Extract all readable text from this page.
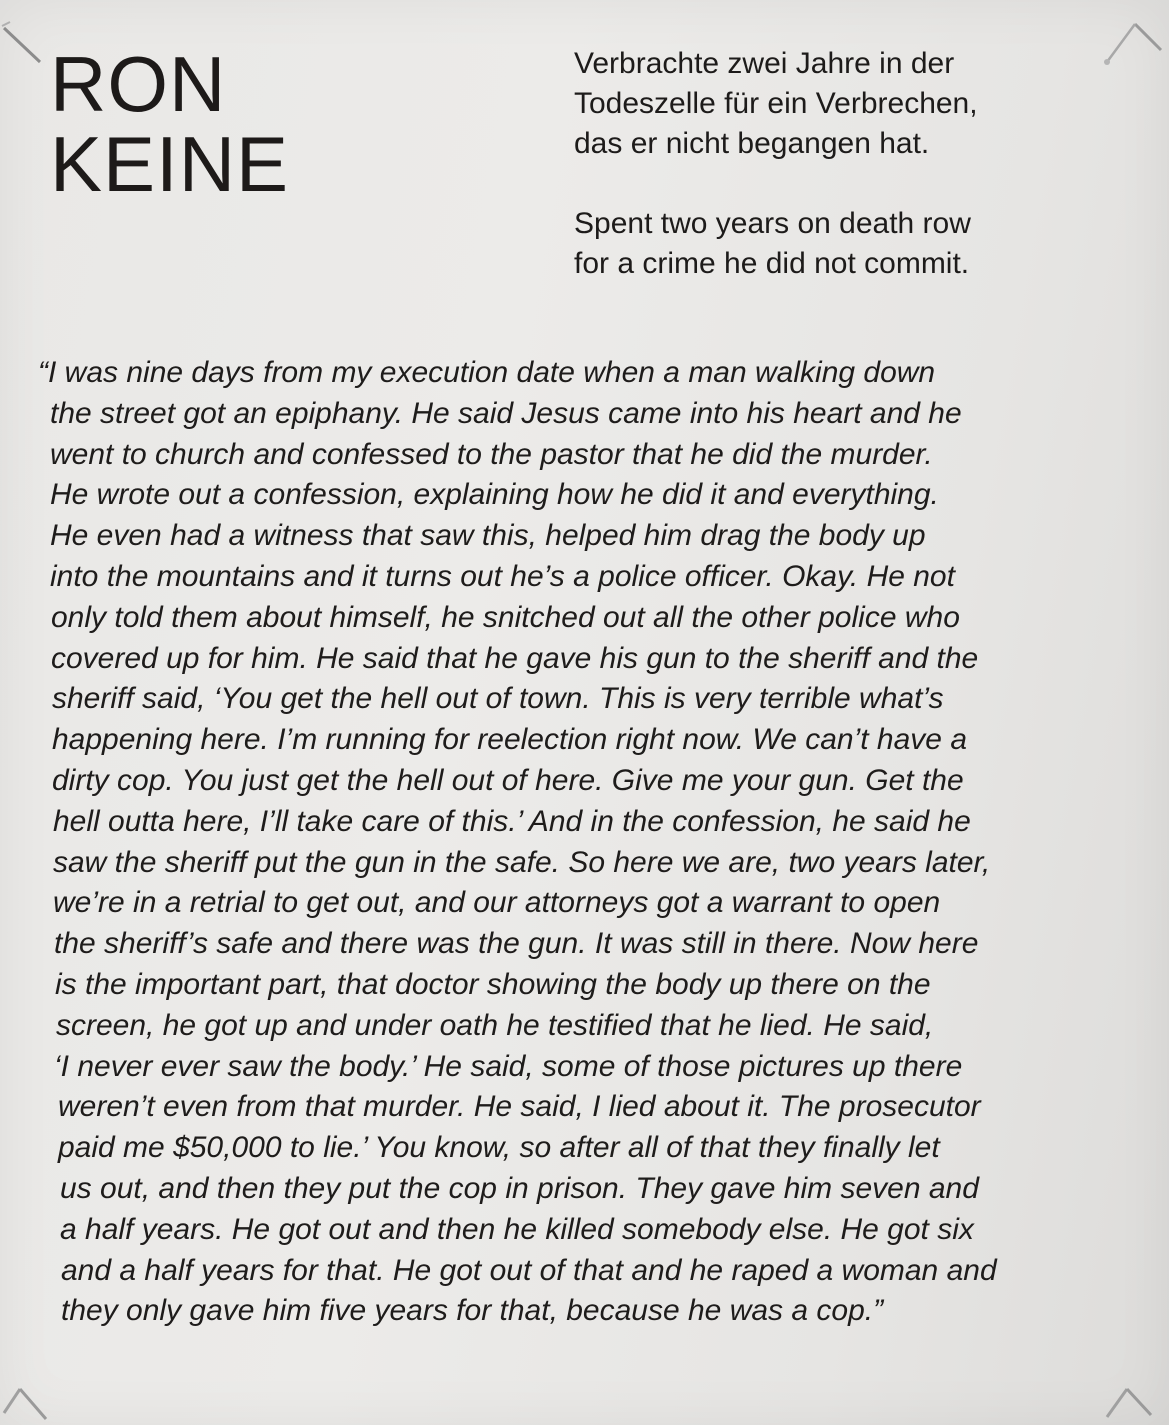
RON
KEINE

Verbrachte zwei Jahre in der
Todeszelle für ein Verbrechen,
das er nicht begangen hat.

Spent two years on death row
for a crime he did not commit.

“I was nine days from my execution date when a man walking down
the street got an epiphany. He said Jesus came into his heart and he
went to church and confessed to the pastor that he did the murder.
He wrote out a confession, explaining how he did it and everything.
He even had a witness that saw this, helped him drag the body up
into the mountains and it turns out he’s a police officer. Okay. He not
only told them about himself, he snitched out all the other police who
covered up for him. He said that he gave his gun to the sheriff and the
sheriff said, ‘You get the hell out of town. This is very terrible what’s
happening here. I’m running for reelection right now. We can’t have a
dirty cop. You just get the hell out of here. Give me your gun. Get the
hell outta here, I’ll take care of this.’ And in the confession, he said he
saw the sheriff put the gun in the safe. So here we are, two years later,
we’re in a retrial to get out, and our attorneys got a warrant to open
the sheriff’s safe and there was the gun. It was still in there. Now here
is the important part, that doctor showing the body up there on the
screen, he got up and under oath he testified that he lied. He said,
‘I never ever saw the body.’ He said, some of those pictures up there
weren’t even from that murder. He said, I lied about it. The prosecutor
paid me $50,000 to lie.’ You know, so after all of that they finally let
us out, and then they put the cop in prison. They gave him seven and
a half years. He got out and then he killed somebody else. He got six
and a half years for that. He got out of that and he raped a woman and
they only gave him five years for that, because he was a cop.”
